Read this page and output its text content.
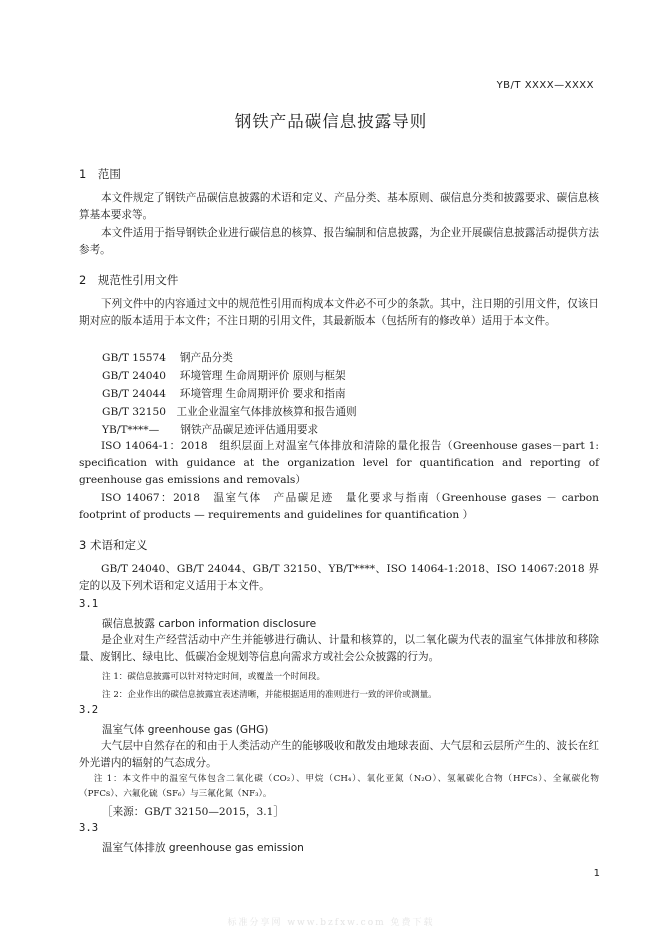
YB/T XXXX—XXXX
钢铁产品碳信息披露导则
1　范围
本文件规定了钢铁产品碳信息披露的术语和定义、产品分类、基本原则、碳信息分类和披露要求、碳信息核算基本要求等。
本文件适用于指导钢铁企业进行碳信息的核算、报告编制和信息披露，为企业开展碳信息披露活动提供方法参考。
2　规范性引用文件
下列文件中的内容通过文中的规范性引用而构成本文件必不可少的条款。其中，注日期的引用文件，仅该日期对应的版本适用于本文件；不注日期的引用文件，其最新版本（包括所有的修改单）适用于本文件。
GB/T 15574　 钢产品分类
GB/T 24040　 环境管理 生命周期评价 原则与框架
GB/T 24044　 环境管理 生命周期评价 要求和指南
GB/T 32150　工业企业温室气体排放核算和报告通则
YB/T****—　　钢铁产品碳足迹评估通用要求
ISO 14064-1：2018　组织层面上对温室气体排放和清除的量化报告（Greenhouse gases－part 1: specification with guidance at the organization level for quantification and reporting of greenhouse gas emissions and removals）
ISO 14067：2018　温室气体　产品碳足迹　量化要求与指南（Greenhouse gases － carbon footprint of products — requirements and guidelines for quantification ）
3 术语和定义
GB/T 24040、GB/T 24044、GB/T 32150、YB/T****、ISO 14064-1:2018、ISO 14067:2018 界定的以及下列术语和定义适用于本文件。
3.1
碳信息披露 carbon information disclosure
是企业对生产经营活动中产生并能够进行确认、计量和核算的，以二氧化碳为代表的温室气体排放和移除量、废钢比、绿电比、低碳冶金规划等信息向需求方或社会公众披露的行为。
注 1：碳信息披露可以针对特定时间，或覆盖一个时间段。
注 2：企业作出的碳信息披露宜表述清晰，并能根据适用的准则进行一致的评价或测量。
3.2
温室气体 greenhouse gas (GHG)
大气层中自然存在的和由于人类活动产生的能够吸收和散发由地球表面、大气层和云层所产生的、波长在红外光谱内的辐射的气态成分。
注 1：本文件中的温室气体包含二氧化碳（CO₂）、甲烷（CH₄）、氧化亚氮（N₂O）、氢氟碳化合物（HFCs）、全氟碳化物（PFCs）、六氟化硫（SF₆）与三氟化氮（NF₃）。
［来源：GB/T 32150—2015，3.1］
3.3
温室气体排放 greenhouse gas emission
1
标准分享网 www.bzfxw.com 免费下载
